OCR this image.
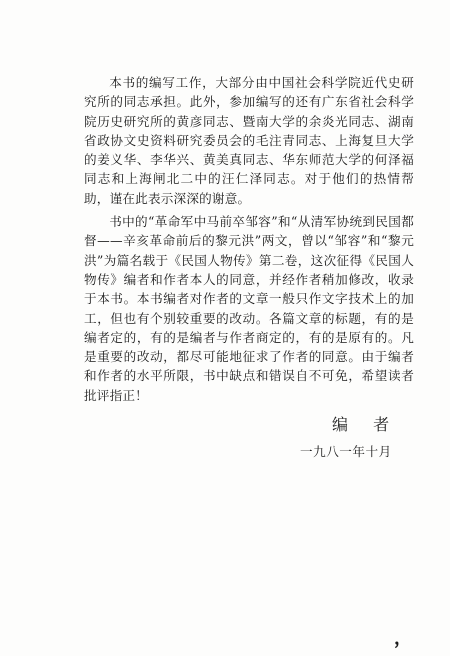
本书的编写工作，大部分由中国社会科学院近代史研究所的同志承担。此外，参加编写的还有广东省社会科学院历史研究所的黄彦同志、暨南大学的余炎光同志、湖南省政协文史资料研究委员会的毛注青同志、上海复旦大学的姜义华、李华兴、黄美真同志、华东师范大学的何泽福同志和上海闸北二中的汪仁泽同志。对于他们的热情帮助，谨在此表示深深的谢意。

书中的“革命军中马前卒邹容”和“从清军协统到民国都督——辛亥革命前后的黎元洪”两文，曾以“邹容”和“黎元洪”为篇名载于《民国人物传》第二卷，这次征得《民国人物传》编者和作者本人的同意，并经作者稍加修改，收录于本书。本书编者对作者的文章一般只作文字技术上的加工，但也有个别较重要的改动。各篇文章的标题，有的是编者定的，有的是编者与作者商定的，有的是原有的。凡是重要的改动，都尽可能地征求了作者的同意。由于编者和作者的水平所限，书中缺点和错误自不可免，希望读者批评指正！

编 者
一九八一年十月
，
